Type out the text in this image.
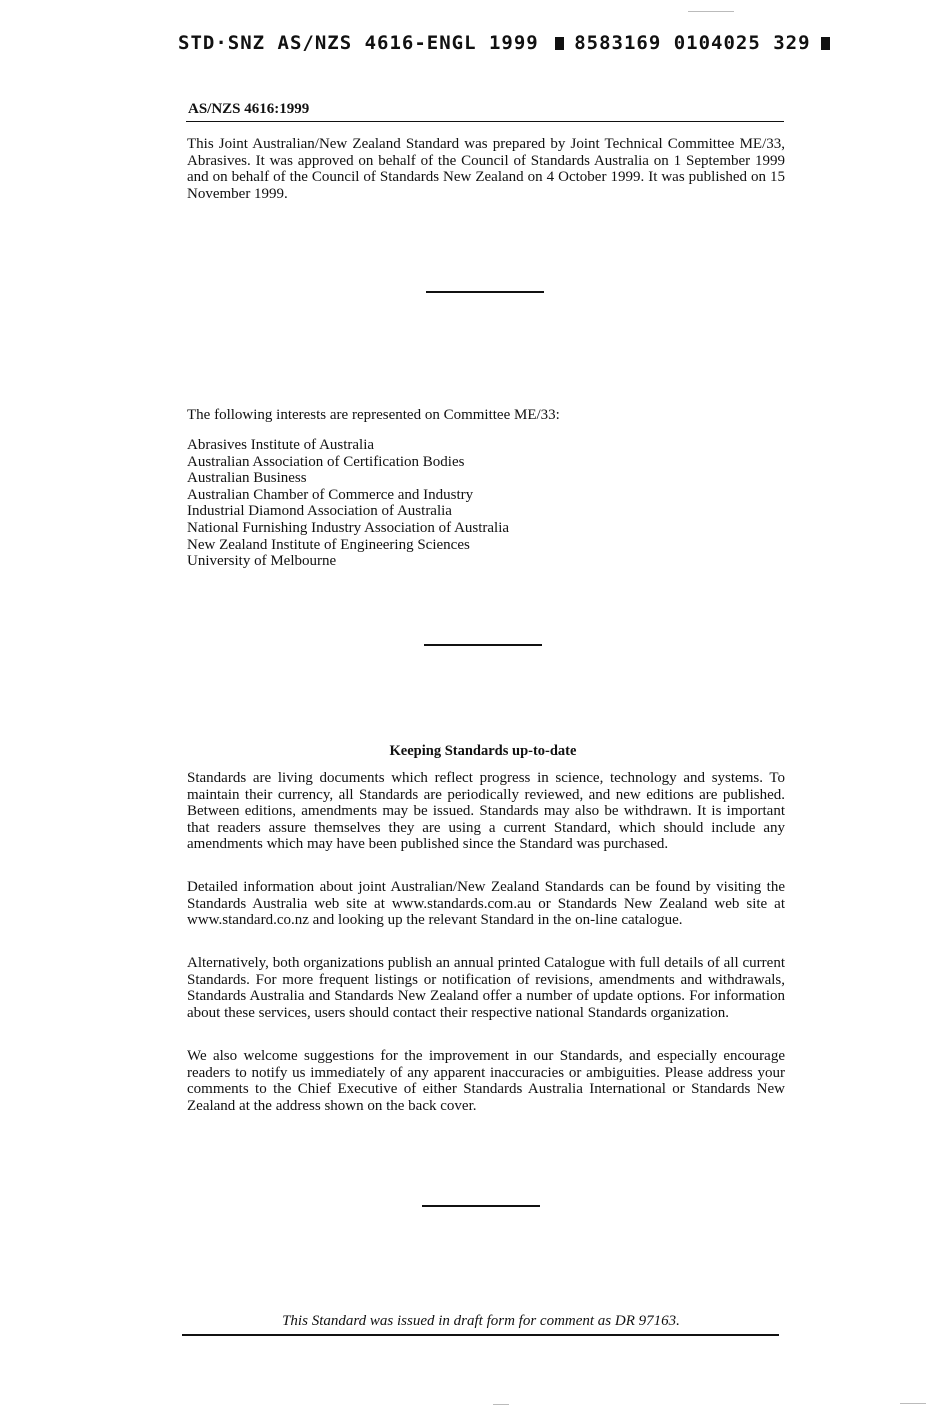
STD·SNZ AS/NZS 4616-ENGL 1999 8583169 0104025 329
AS/NZS 4616:1999
This Joint Australian/New Zealand Standard was prepared by Joint Technical Committee ME/33, Abrasives. It was approved on behalf of the Council of Standards Australia on 1 September 1999 and on behalf of the Council of Standards New Zealand on 4 October 1999. It was published on 15 November 1999.
The following interests are represented on Committee ME/33:
Abrasives Institute of Australia
Australian Association of Certification Bodies
Australian Business
Australian Chamber of Commerce and Industry
Industrial Diamond Association of Australia
National Furnishing Industry Association of Australia
New Zealand Institute of Engineering Sciences
University of Melbourne
Keeping Standards up-to-date
Standards are living documents which reflect progress in science, technology and systems. To maintain their currency, all Standards are periodically reviewed, and new editions are published. Between editions, amendments may be issued. Standards may also be withdrawn. It is important that readers assure themselves they are using a current Standard, which should include any amendments which may have been published since the Standard was purchased.
Detailed information about joint Australian/New Zealand Standards can be found by visiting the Standards Australia web site at www.standards.com.au or Standards New Zealand web site at www.standard.co.nz and looking up the relevant Standard in the on-line catalogue.
Alternatively, both organizations publish an annual printed Catalogue with full details of all current Standards. For more frequent listings or notification of revisions, amendments and withdrawals, Standards Australia and Standards New Zealand offer a number of update options. For information about these services, users should contact their respective national Standards organization.
We also welcome suggestions for the improvement in our Standards, and especially encourage readers to notify us immediately of any apparent inaccuracies or ambiguities. Please address your comments to the Chief Executive of either Standards Australia International or Standards New Zealand at the address shown on the back cover.
This Standard was issued in draft form for comment as DR 97163.
